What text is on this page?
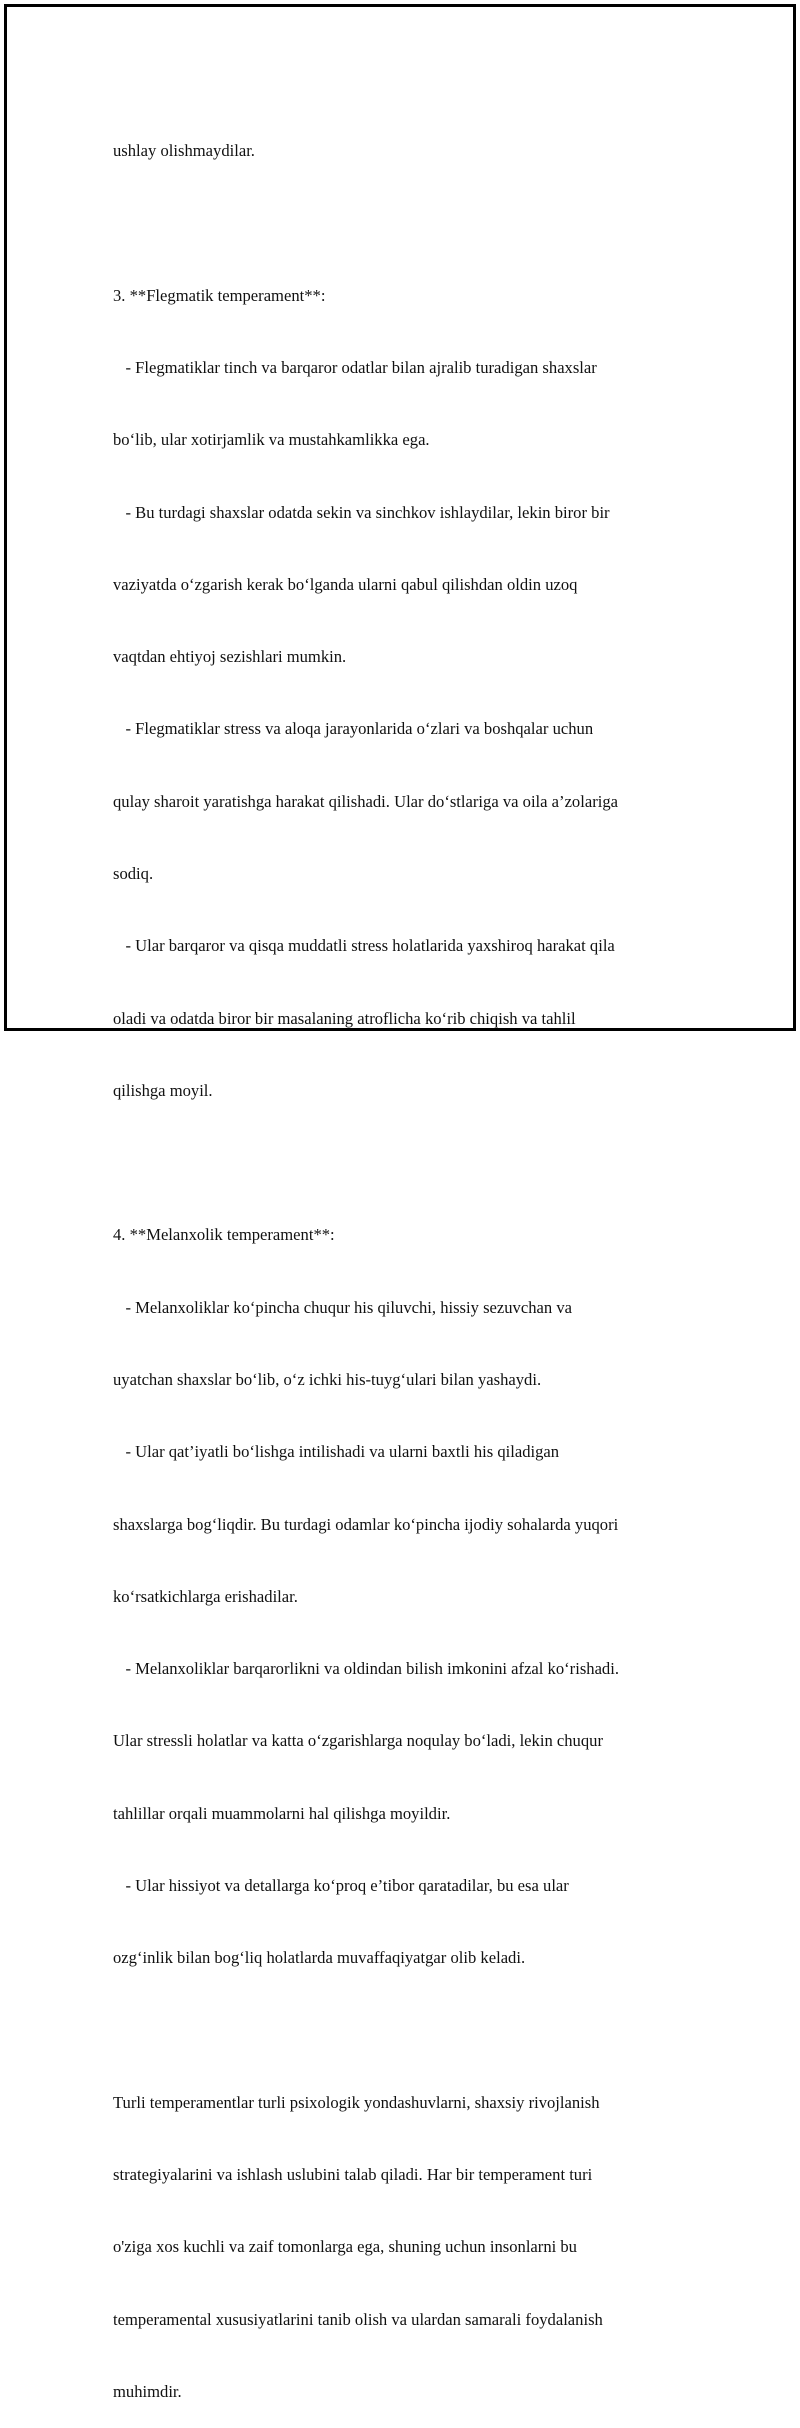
ushlay olishmaydilar.

3. **Flegmatik temperament**:

- Flegmatiklar tinch va barqaror odatlar bilan ajralib turadigan shaxslar

bo‘lib, ular xotirjamlik va mustahkamlikka ega.

- Bu turdagi shaxslar odatda sekin va sinchkov ishlaydilar, lekin biror bir

vaziyatda o‘zgarish kerak bo‘lganda ularni qabul qilishdan oldin uzoq

vaqtdan ehtiyoj sezishlari mumkin.

- Flegmatiklar stress va aloqa jarayonlarida o‘zlari va boshqalar uchun

qulay sharoit yaratishga harakat qilishadi. Ular do‘stlariga va oila a’zolariga

sodiq.

- Ular barqaror va qisqa muddatli stress holatlarida yaxshiroq harakat qila

oladi va odatda biror bir masalaning atroflicha ko‘rib chiqish va tahlil

qilishga moyil.

4. **Melanxolik temperament**:

- Melanxoliklar ko‘pincha chuqur his qiluvchi, hissiy sezuvchan va

uyatchan shaxslar bo‘lib, o‘z ichki his-tuyg‘ulari bilan yashaydi.

- Ular qat’iyatli bo‘lishga intilishadi va ularni baxtli his qiladigan

shaxslarga bog‘liqdir. Bu turdagi odamlar ko‘pincha ijodiy sohalarda yuqori

ko‘rsatkichlarga erishadilar.

- Melanxoliklar barqarorlikni va oldindan bilish imkonini afzal ko‘rishadi.

Ular stressli holatlar va katta o‘zgarishlarga noqulay bo‘ladi, lekin chuqur

tahlillar orqali muammolarni hal qilishga moyildir.

- Ular hissiyot va detallarga ko‘proq e’tibor qaratadilar, bu esa ular

ozg‘inlik bilan bog‘liq holatlarda muvaffaqiyatgar olib keladi.

Turli temperamentlar turli psixologik yondashuvlarni, shaxsiy rivojlanish

strategiyalarini va ishlash uslubini talab qiladi. Har bir temperament turi

o'ziga xos kuchli va zaif tomonlarga ega, shuning uchun insonlarni bu

temperamental xususiyatlarini tanib olish va ulardan samarali foydalanish

muhimdir.
